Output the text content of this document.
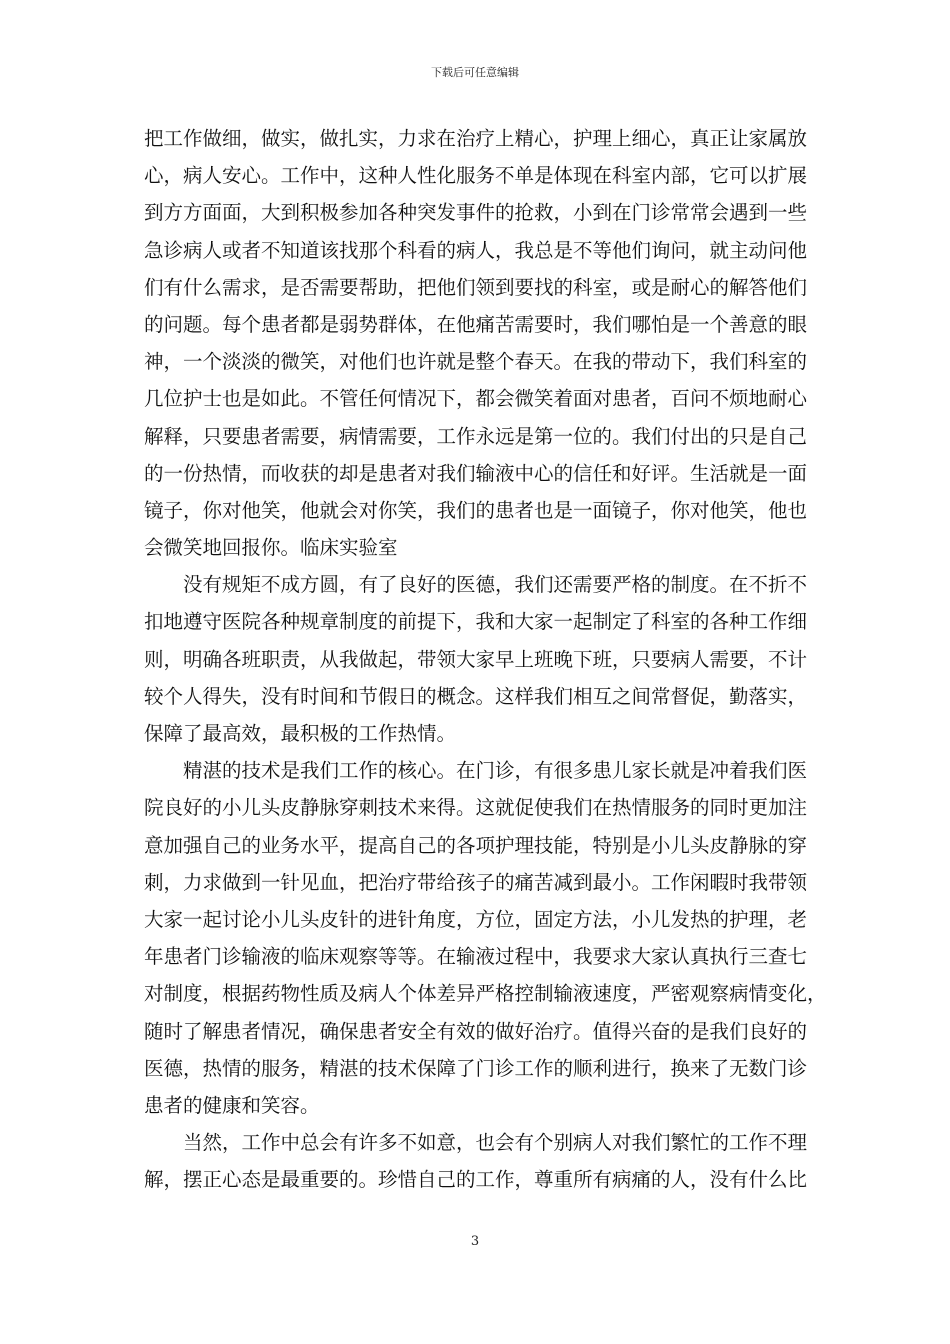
下载后可任意编辑
把工作做细，做实，做扎实，力求在治疗上精心，护理上细心，真正让家属放
心，病人安心。工作中，这种人性化服务不单是体现在科室内部，它可以扩展
到方方面面，大到积极参加各种突发事件的抢救，小到在门诊常常会遇到一些
急诊病人或者不知道该找那个科看的病人，我总是不等他们询问，就主动问他
们有什么需求，是否需要帮助，把他们领到要找的科室，或是耐心的解答他们
的问题。每个患者都是弱势群体，在他痛苦需要时，我们哪怕是一个善意的眼
神，一个淡淡的微笑，对他们也许就是整个春天。在我的带动下，我们科室的
几位护士也是如此。不管任何情况下，都会微笑着面对患者，百问不烦地耐心
解释，只要患者需要，病情需要，工作永远是第一位的。我们付出的只是自己
的一份热情，而收获的却是患者对我们输液中心的信任和好评。生活就是一面
镜子，你对他笑，他就会对你笑，我们的患者也是一面镜子，你对他笑，他也
会微笑地回报你。临床实验室
没有规矩不成方圆，有了良好的医德，我们还需要严格的制度。在不折不
扣地遵守医院各种规章制度的前提下，我和大家一起制定了科室的各种工作细
则，明确各班职责，从我做起，带领大家早上班晚下班，只要病人需要，不计
较个人得失，没有时间和节假日的概念。这样我们相互之间常督促，勤落实，
保障了最高效，最积极的工作热情。
精湛的技术是我们工作的核心。在门诊，有很多患儿家长就是冲着我们医
院良好的小儿头皮静脉穿刺技术来得。这就促使我们在热情服务的同时更加注
意加强自己的业务水平，提高自己的各项护理技能，特别是小儿头皮静脉的穿
刺，力求做到一针见血，把治疗带给孩子的痛苦减到最小。工作闲暇时我带领
大家一起讨论小儿头皮针的进针角度，方位，固定方法，小儿发热的护理，老
年患者门诊输液的临床观察等等。在输液过程中，我要求大家认真执行三查七
对制度，根据药物性质及病人个体差异严格控制输液速度，严密观察病情变化，
随时了解患者情况，确保患者安全有效的做好治疗。值得兴奋的是我们良好的
医德，热情的服务，精湛的技术保障了门诊工作的顺利进行，换来了无数门诊
患者的健康和笑容。
当然，工作中总会有许多不如意，也会有个别病人对我们繁忙的工作不理
解，摆正心态是最重要的。珍惜自己的工作，尊重所有病痛的人，没有什么比
3
